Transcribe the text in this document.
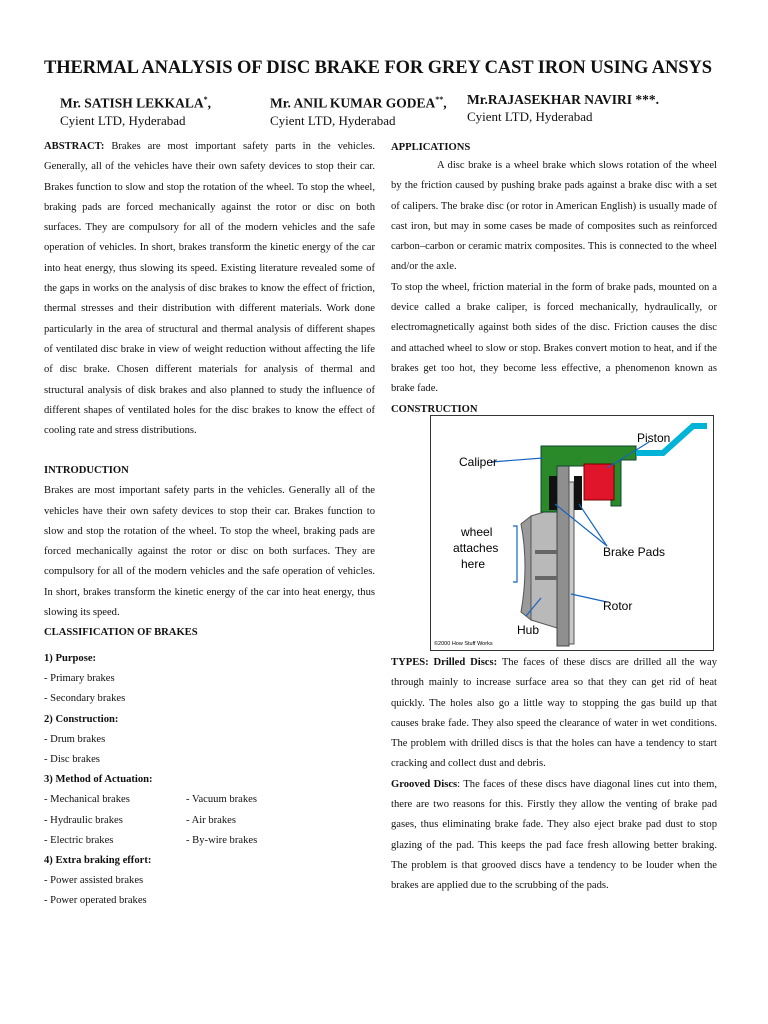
THERMAL ANALYSIS OF DISC BRAKE FOR GREY CAST IRON USING ANSYS
Mr. SATISH LEKKALA*,
Cyient LTD, Hyderabad
Mr. ANIL KUMAR GODEA**,
Cyient LTD, Hyderabad
Mr.RAJASEKHAR NAVIRI ***.
Cyient LTD, Hyderabad

ABSTRACT: Brakes are most important safety parts in the vehicles. Generally, all of the vehicles have their own safety devices to stop their car. Brakes function to slow and stop the rotation of the wheel. To stop the wheel, braking pads are forced mechanically against the rotor or disc on both surfaces. They are compulsory for all of the modern vehicles and the safe operation of vehicles. In short, brakes transform the kinetic energy of the car into heat energy, thus slowing its speed. Existing literature revealed some of the gaps in works on the analysis of disc brakes to know the effect of friction, thermal stresses and their distribution with different materials. Work done particularly in the area of structural and thermal analysis of different shapes of ventilated disc brake in view of weight reduction without affecting the life of disc brake. Chosen different materials for analysis of thermal and structural analysis of disk brakes and also planned to study the influence of different shapes of ventilated holes for the disc brakes to know the effect of cooling rate and stress distributions.

INTRODUCTION

Brakes are most important safety parts in the vehicles. Generally all of the vehicles have their own safety devices to stop their car. Brakes function to slow and stop the rotation of the wheel. To stop the wheel, braking pads are forced mechanically against the rotor or disc on both surfaces. They are compulsory for all of the modern vehicles and the safe operation of vehicles. In short, brakes transform the kinetic energy of the car into heat energy, thus slowing its speed.

CLASSIFICATION OF BRAKES

1) Purpose:
- Primary brakes
- Secondary brakes
2) Construction:
- Drum brakes
- Disc brakes
3) Method of Actuation:
- Mechanical brakes	- Vacuum brakes
- Hydraulic brakes	- Air brakes
- Electric brakes	- By-wire brakes
4) Extra braking effort:
- Power assisted brakes
- Power operated brakes

APPLICATIONS

A disc brake is a wheel brake which slows rotation of the wheel by the friction caused by pushing brake pads against a brake disc with a set of calipers. The brake disc (or rotor in American English) is usually made of cast iron, but may in some cases be made of composites such as reinforced carbon–carbon or ceramic matrix composites. This is connected to the wheel and/or the axle.

To stop the wheel, friction material in the form of brake pads, mounted on a device called a brake caliper, is forced mechanically, hydraulically, or electromagnetically against both sides of the disc. Friction causes the disc and attached wheel to slow or stop. Brakes convert motion to heat, and if the brakes get too hot, they become less effective, a phenomenon known as brake fade.

CONSTRUCTION

Caliper
Piston
wheel
attaches
here
Brake Pads
Rotor
Hub
©2000 How Stuff Works

TYPES: Drilled Discs: The faces of these discs are drilled all the way through mainly to increase surface area so that they can get rid of heat quickly. The holes also go a little way to stopping the gas build up that causes brake fade. They also speed the clearance of water in wet conditions. The problem with drilled discs is that the holes can have a tendency to start cracking and collect dust and debris.

Grooved Discs: The faces of these discs have diagonal lines cut into them, there are two reasons for this. Firstly they allow the venting of brake pad gases, thus eliminating brake fade. They also eject brake pad dust to stop glazing of the pad. This keeps the pad face fresh allowing better braking. The problem is that grooved discs have a tendency to be louder when the brakes are applied due to the scrubbing of the pads.
